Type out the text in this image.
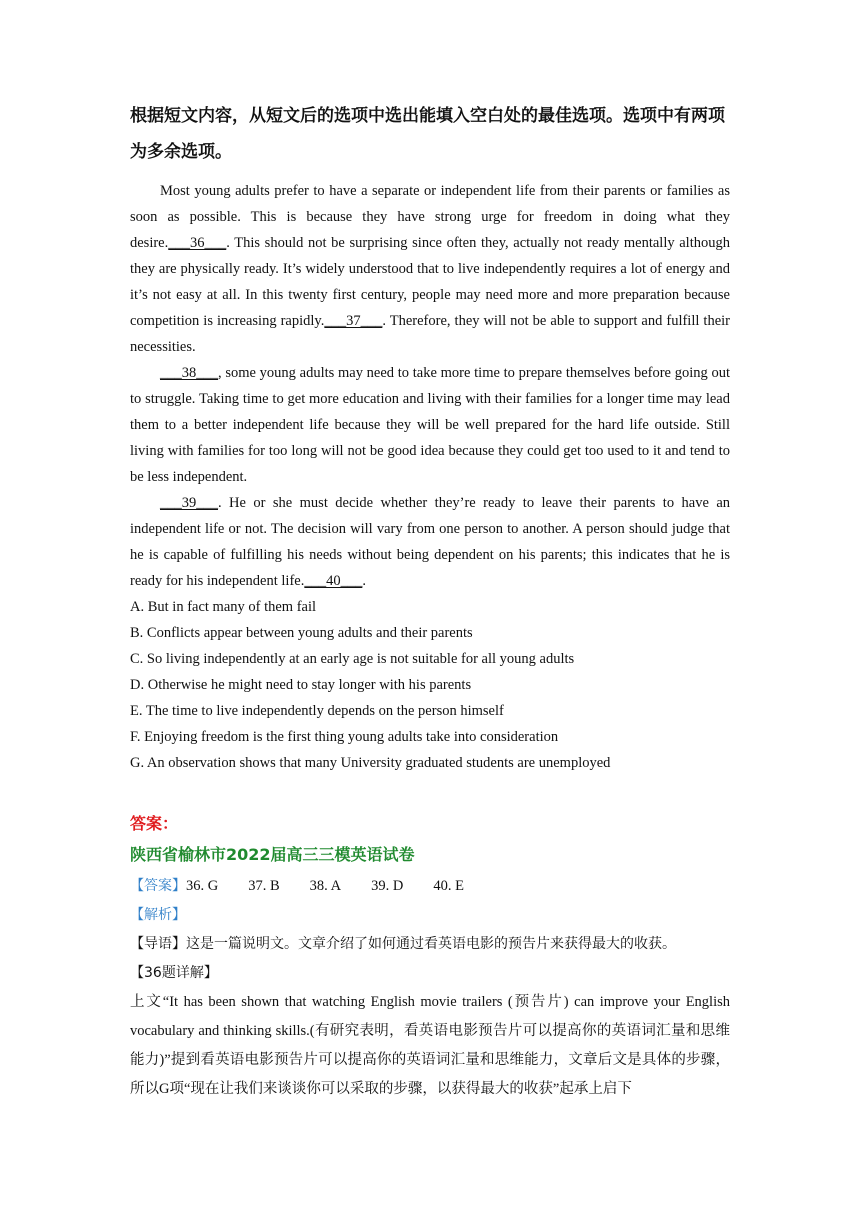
根据短文内容，从短文后的选项中选出能填入空白处的最佳选项。选项中有两项为多余选项。

Most young adults prefer to have a separate or independent life from their parents or families as soon as possible. This is because they have strong urge for freedom in doing what they desire.___36___. This should not be surprising since often they, actually not ready mentally although they are physically ready. It’s widely understood that to live independently requires a lot of energy and it’s not easy at all. In this twenty first century, people may need more and more preparation because competition is increasing rapidly.___37___. Therefore, they will not be able to support and fulfill their necessities.

___38___, some young adults may need to take more time to prepare themselves before going out to struggle. Taking time to get more education and living with their families for a longer time may lead them to a better independent life because they will be well prepared for the hard life outside. Still living with families for too long will not be good idea because they could get too used to it and tend to be less independent.

___39___. He or she must decide whether they’re ready to leave their parents to have an independent life or not. The decision will vary from one person to another. A person should judge that he is capable of fulfilling his needs without being dependent on his parents; this indicates that he is ready for his independent life.___40___.

A. But in fact many of them fail
B. Conflicts appear between young adults and their parents
C. So living independently at an early age is not suitable for all young adults
D. Otherwise he might need to stay longer with his parents
E. The time to live independently depends on the person himself
F. Enjoying freedom is the first thing young adults take into consideration
G. An observation shows that many University graduated students are unemployed
答案：
陕西省榆林市2022届高三三模英语试卷
【答案】36. G 37. B 38. A 39. D 40. E
【解析】
【导语】这是一篇说明文。文章介绍了如何通过看英语电影的预告片来获得最大的收获。
【36题详解】

上文“It has been shown that watching English movie trailers (预告片) can improve your English vocabulary and thinking skills.(有研究表明，看英语电影预告片可以提高你的英语词汇量和思维能力)”提到看英语电影预告片可以提高你的英语词汇量和思维能力，文章后文是具体的步骤，所以G项“现在让我们来谈谈你可以采取的步骤，以获得最大的收获”起承上启下
